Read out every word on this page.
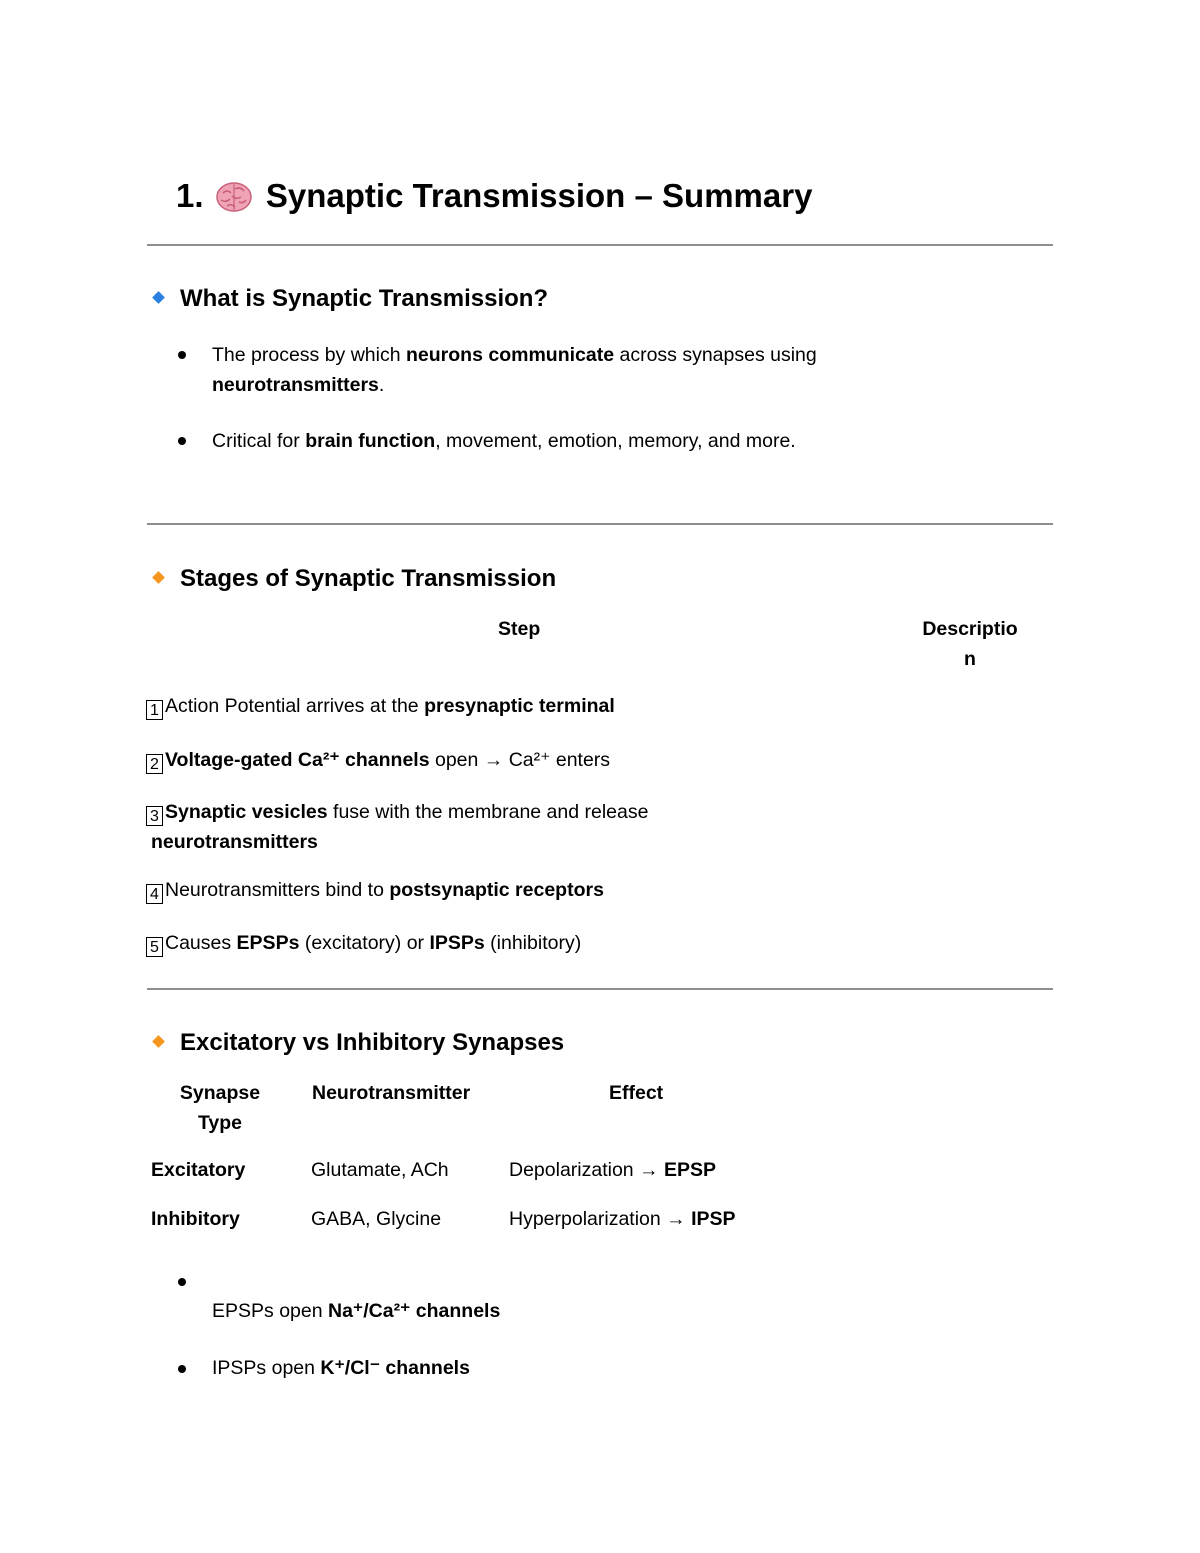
1. Synaptic Transmission – Summary
What is Synaptic Transmission?
The process by which neurons communicate across synapses using
neurotransmitters.
Critical for brain function, movement, emotion, memory, and more.
Stages of Synaptic Transmission
Step	Descriptio
n
1 Action Potential arrives at the presynaptic terminal
2 Voltage-gated Ca²⁺ channels open → Ca²⁺ enters
3 Synaptic vesicles fuse with the membrane and release
neurotransmitters
4 Neurotransmitters bind to postsynaptic receptors
5 Causes EPSPs (excitatory) or IPSPs (inhibitory)
Excitatory vs Inhibitory Synapses
Synapse
Type
Neurotransmitter	Effect
Excitatory	Glutamate, ACh	Depolarization → EPSP
Inhibitory	GABA, Glycine	Hyperpolarization → IPSP
EPSPs open Na⁺/Ca²⁺ channels
IPSPs open K⁺/Cl⁻ channels
